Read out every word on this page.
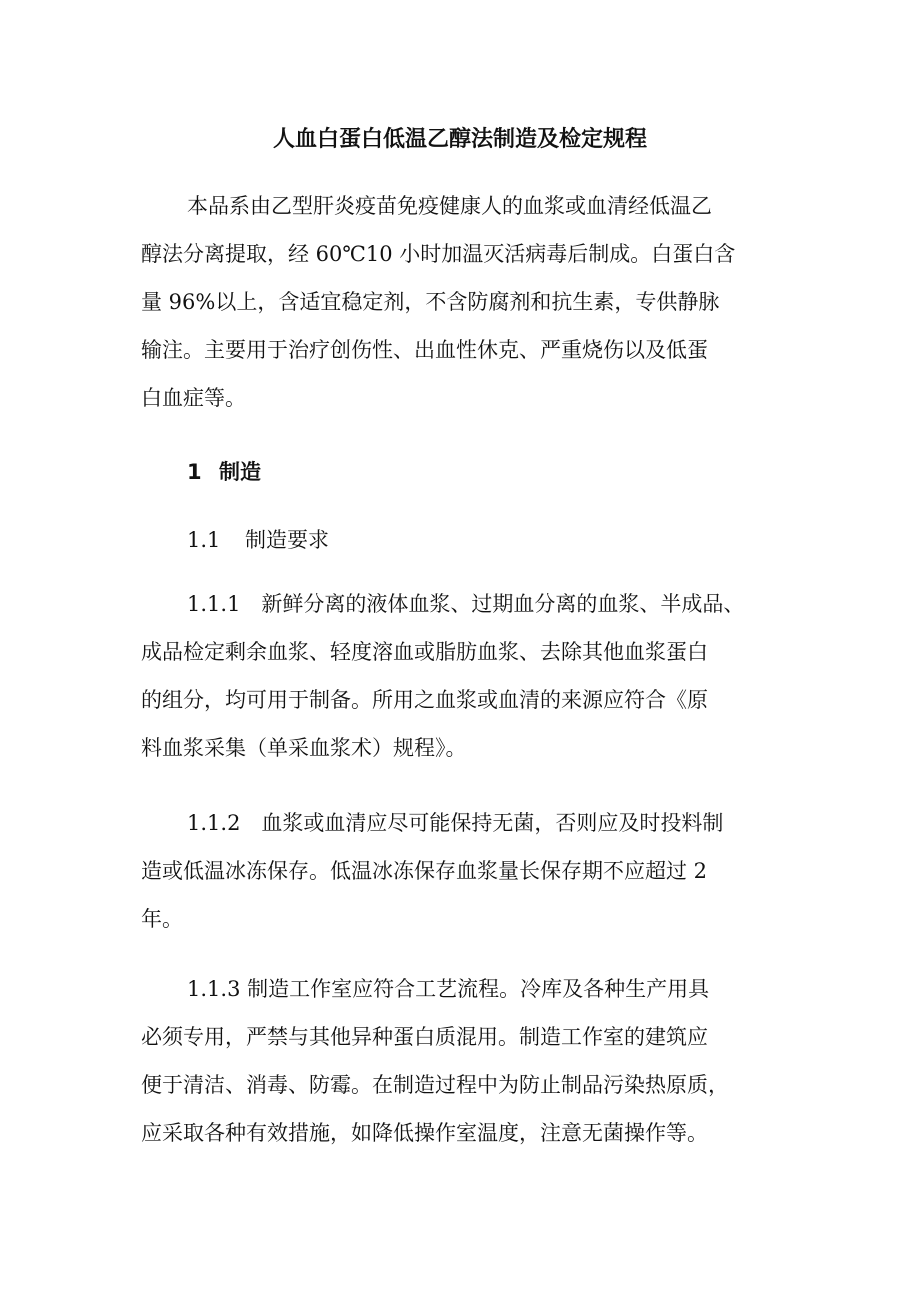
人血白蛋白低温乙醇法制造及检定规程
本品系由乙型肝炎疫苗免疫健康人的血浆或血清经低温乙
醇法分离提取，经 60℃10 小时加温灭活病毒后制成。白蛋白含
量 96%以上，含适宜稳定剂，不含防腐剂和抗生素，专供静脉
输注。主要用于治疗创伤性、出血性休克、严重烧伤以及低蛋
白血症等。
1 制造
1.1 制造要求
1.1.1　新鲜分离的液体血浆、过期血分离的血浆、半成品、
成品检定剩余血浆、轻度溶血或脂肪血浆、去除其他血浆蛋白
的组分，均可用于制备。所用之血浆或血清的来源应符合《原
料血浆采集（单采血浆术）规程》。
1.1.2　血浆或血清应尽可能保持无菌，否则应及时投料制
造或低温冰冻保存。低温冰冻保存血浆量长保存期不应超过 2
年。
1.1.3 制造工作室应符合工艺流程。冷库及各种生产用具
必须专用，严禁与其他异种蛋白质混用。制造工作室的建筑应
便于清洁、消毒、防霉。在制造过程中为防止制品污染热原质，
应采取各种有效措施，如降低操作室温度，注意无菌操作等。
